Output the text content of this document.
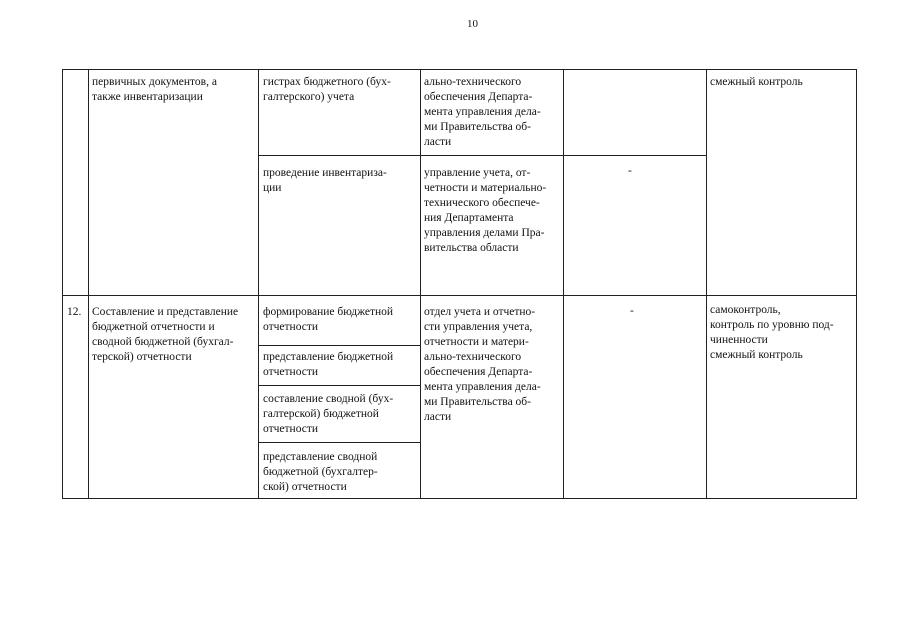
10
первичных документов, а
также инвентаризации
гистрах бюджетного (бух-
галтерского) учета
ально-технического
обеспечения Департа-
мента управления дела-
ми Правительства об-
ласти
смежный контроль
проведение инвентариза-
ции
управление учета, от-
четности и материально-
технического обеспече-
ния Департамента
управления делами Пра-
вительства области
-
12. Составление и представление
бюджетной отчетности и
сводной бюджетной (бухгал-
терской) отчетности
формирование бюджетной
отчетности
представление бюджетной
отчетности
составление сводной (бух-
галтерской) бюджетной
отчетности
представление сводной
бюджетной (бухгалтер-
ской) отчетности
отдел учета и отчетно-
сти управления учета,
отчетности и матери-
ально-технического
обеспечения Департа-
мента управления дела-
ми Правительства об-
ласти
-	самоконтроль,
контроль по уровню под-
чиненности
смежный контроль
